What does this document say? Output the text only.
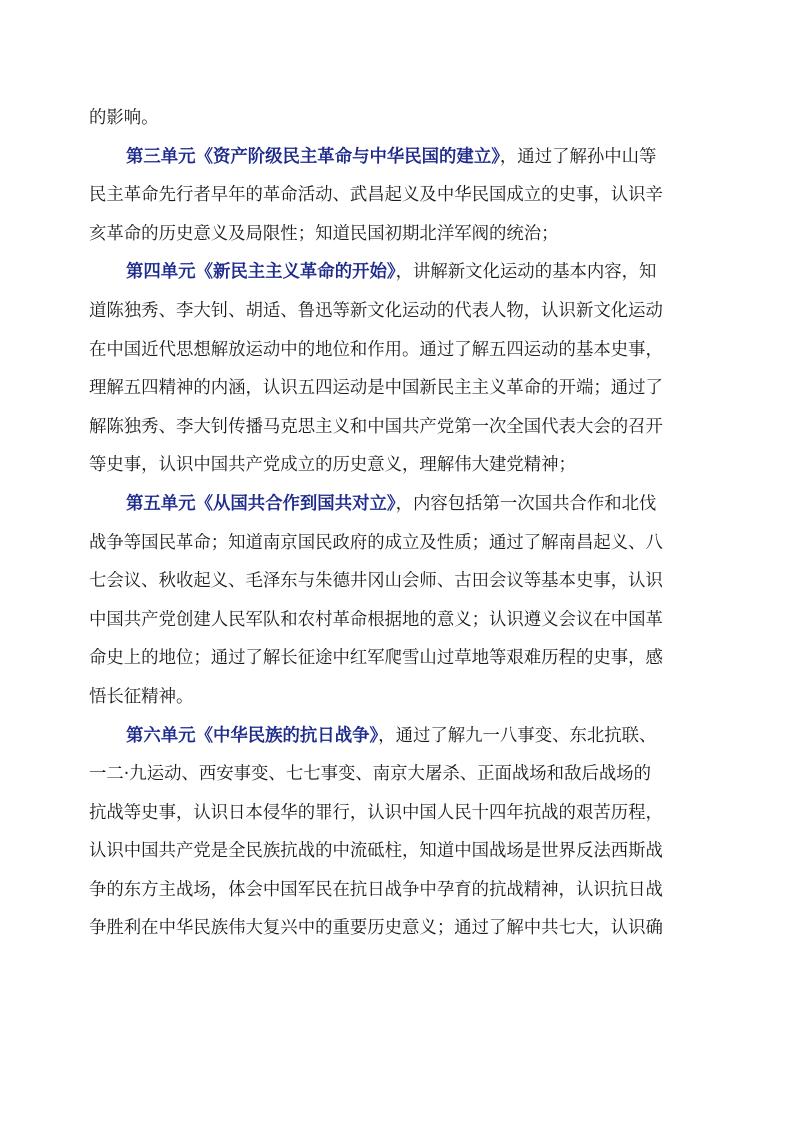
的影响。

第三单元《资产阶级民主革命与中华民国的建立》，通过了解孙中山等

民主革命先行者早年的革命活动、武昌起义及中华民国成立的史事，认识辛

亥革命的历史意义及局限性；知道民国初期北洋军阀的统治；

第四单元《新民主主义革命的开始》，讲解新文化运动的基本内容，知

道陈独秀、李大钊、胡适、鲁迅等新文化运动的代表人物，认识新文化运动

在中国近代思想解放运动中的地位和作用。通过了解五四运动的基本史事，

理解五四精神的内涵，认识五四运动是中国新民主主义革命的开端；通过了

解陈独秀、李大钊传播马克思主义和中国共产党第一次全国代表大会的召开

等史事，认识中国共产党成立的历史意义，理解伟大建党精神；

第五单元《从国共合作到国共对立》，内容包括第一次国共合作和北伐

战争等国民革命；知道南京国民政府的成立及性质；通过了解南昌起义、八

七会议、秋收起义、毛泽东与朱德井冈山会师、古田会议等基本史事，认识

中国共产党创建人民军队和农村革命根据地的意义；认识遵义会议在中国革

命史上的地位；通过了解长征途中红军爬雪山过草地等艰难历程的史事，感

悟长征精神。

第六单元《中华民族的抗日战争》，通过了解九一八事变、东北抗联、

一二·九运动、西安事变、七七事变、南京大屠杀、正面战场和敌后战场的

抗战等史事，认识日本侵华的罪行，认识中国人民十四年抗战的艰苦历程，

认识中国共产党是全民族抗战的中流砥柱，知道中国战场是世界反法西斯战

争的东方主战场，体会中国军民在抗日战争中孕育的抗战精神，认识抗日战

争胜利在中华民族伟大复兴中的重要历史意义；通过了解中共七大，认识确
